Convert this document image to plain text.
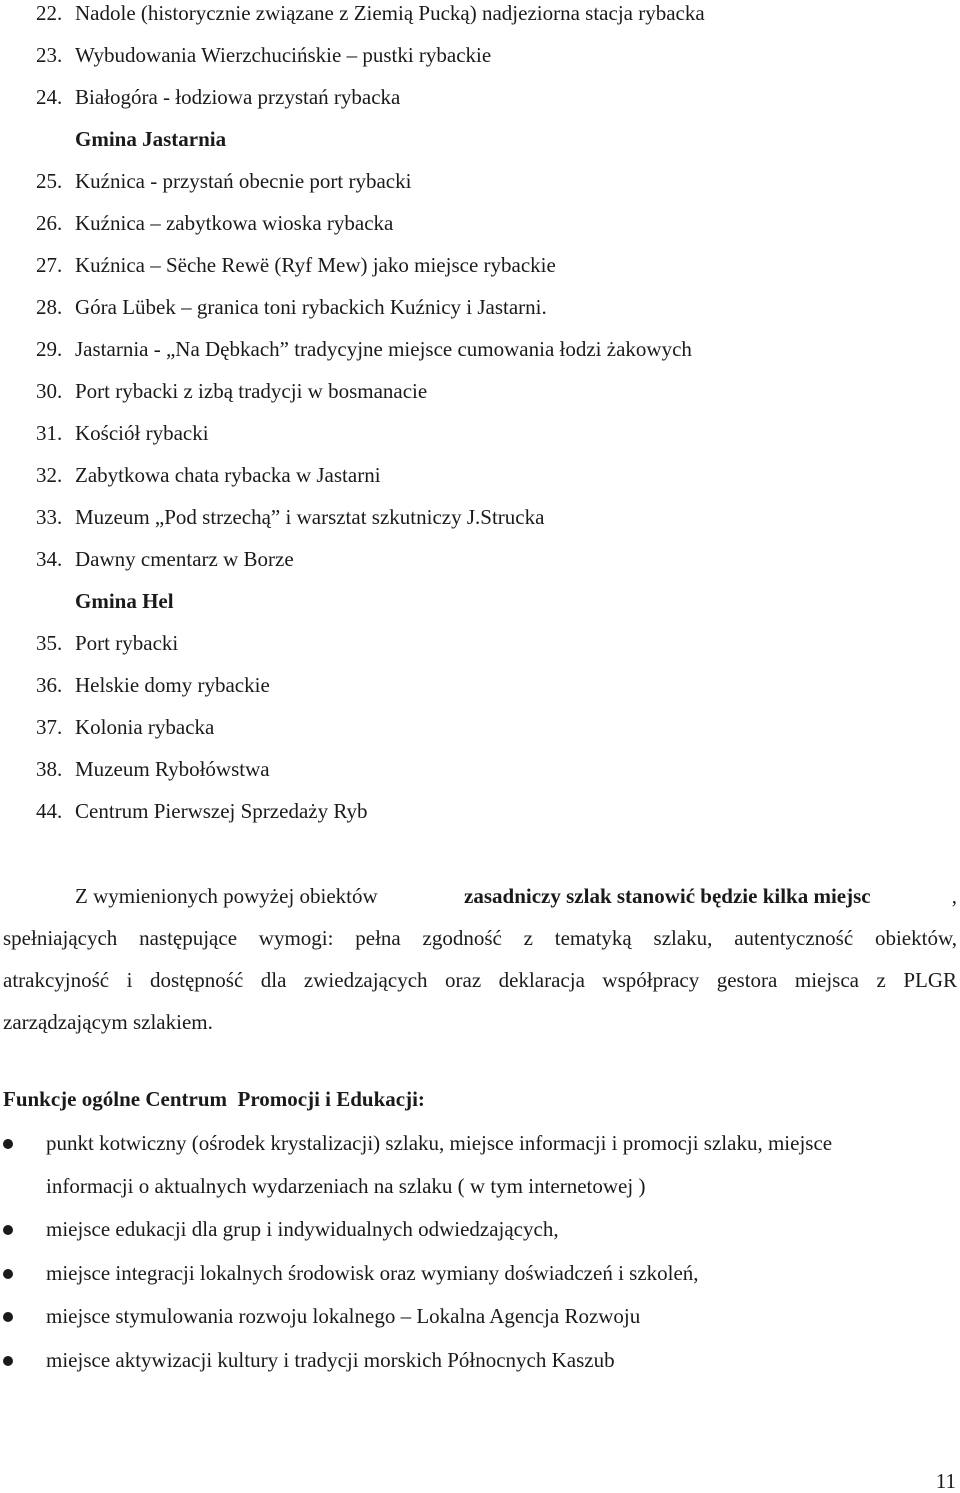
22. Nadole (historycznie związane z Ziemią Pucką) nadjeziorna stacja rybacka
23. Wybudowania Wierzchucińskie – pustki rybackie
24. Białogóra - łodziowa przystań rybacka
Gmina Jastarnia
25. Kuźnica - przystań obecnie port rybacki
26. Kuźnica – zabytkowa wioska rybacka
27. Kuźnica – Sëche Rewë (Ryf Mew) jako miejsce rybackie
28. Góra Lübek – granica toni rybackich Kuźnicy i Jastarni.
29. Jastarnia - „Na Dębkach” tradycyjne miejsce cumowania łodzi żakowych
30. Port rybacki z izbą tradycji w bosmanacie
31. Kościół rybacki
32. Zabytkowa chata rybacka w Jastarni
33. Muzeum „Pod strzechą” i warsztat szkutniczy J.Strucka
34. Dawny cmentarz w Borze
Gmina Hel
35. Port rybacki
36. Helskie domy rybackie
37. Kolonia rybacka
38. Muzeum Rybołówstwa
44. Centrum Pierwszej Sprzedaży Ryb
Z wymienionych powyżej obiektów	zasadniczy szlak stanowić będzie kilka miejsc	,
spełniających następujące wymogi: pełna zgodność z tematyką szlaku, autentyczność obiektów,
atrakcyjność i dostępność dla zwiedzających oraz deklaracja współpracy gestora miejsca z PLGR
zarządzającym szlakiem.
Funkcje ogólne Centrum  Promocji i Edukacji:
punkt kotwiczny (ośrodek krystalizacji) szlaku, miejsce informacji i promocji szlaku, miejsce
informacji o aktualnych wydarzeniach na szlaku ( w tym internetowej )
miejsce edukacji dla grup i indywidualnych odwiedzających,
miejsce integracji lokalnych środowisk oraz wymiany doświadczeń i szkoleń,
miejsce stymulowania rozwoju lokalnego – Lokalna Agencja Rozwoju
miejsce aktywizacji kultury i tradycji morskich Północnych Kaszub
11
